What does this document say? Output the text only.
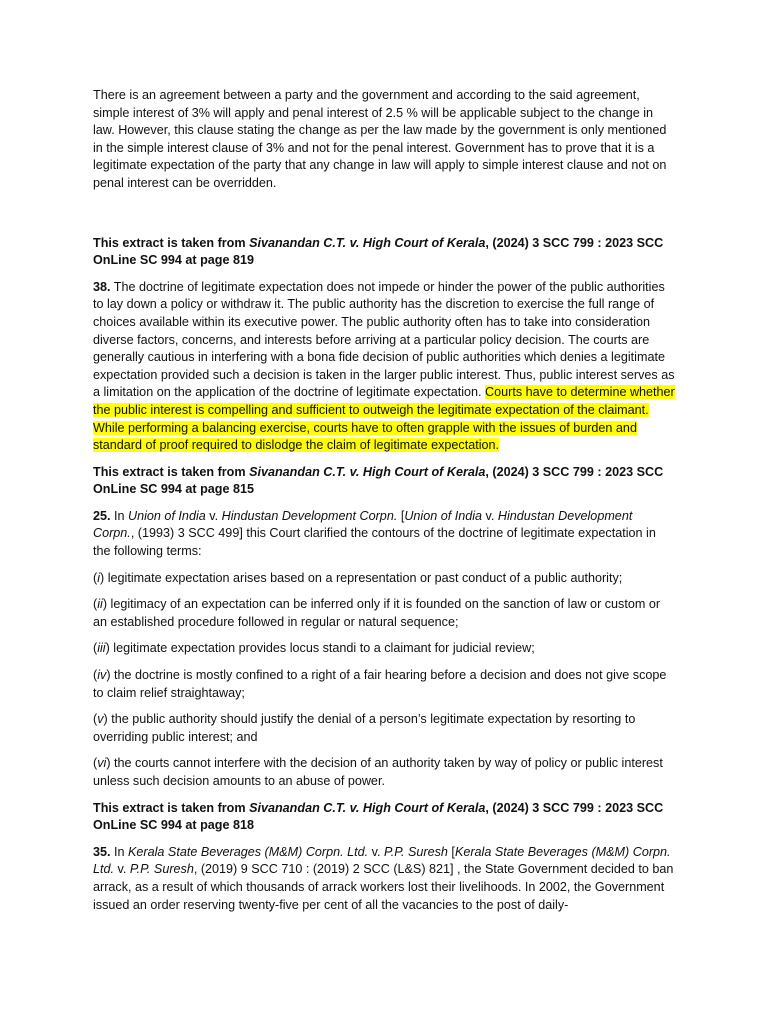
There is an agreement between a party and the government and according to the said agreement, simple interest of 3% will apply and penal interest of 2.5 % will be applicable subject to the change in law. However, this clause stating the change as per the law made by the government is only mentioned in the simple interest clause of 3% and not for the penal interest. Government has to prove that it is a legitimate expectation of the party that any change in law will apply to simple interest clause and not on penal interest can be overridden.

This extract is taken from Sivanandan C.T. v. High Court of Kerala, (2024) 3 SCC 799 : 2023 SCC OnLine SC 994 at page 819

38. The doctrine of legitimate expectation does not impede or hinder the power of the public authorities to lay down a policy or withdraw it. The public authority has the discretion to exercise the full range of choices available within its executive power. The public authority often has to take into consideration diverse factors, concerns, and interests before arriving at a particular policy decision. The courts are generally cautious in interfering with a bona fide decision of public authorities which denies a legitimate expectation provided such a decision is taken in the larger public interest. Thus, public interest serves as a limitation on the application of the doctrine of legitimate expectation. Courts have to determine whether the public interest is compelling and sufficient to outweigh the legitimate expectation of the claimant. While performing a balancing exercise, courts have to often grapple with the issues of burden and standard of proof required to dislodge the claim of legitimate expectation.

This extract is taken from Sivanandan C.T. v. High Court of Kerala, (2024) 3 SCC 799 : 2023 SCC OnLine SC 994 at page 815

25. In Union of India v. Hindustan Development Corpn. [Union of India v. Hindustan Development Corpn., (1993) 3 SCC 499] this Court clarified the contours of the doctrine of legitimate expectation in the following terms:

(i) legitimate expectation arises based on a representation or past conduct of a public authority;

(ii) legitimacy of an expectation can be inferred only if it is founded on the sanction of law or custom or an established procedure followed in regular or natural sequence;

(iii) legitimate expectation provides locus standi to a claimant for judicial review;

(iv) the doctrine is mostly confined to a right of a fair hearing before a decision and does not give scope to claim relief straightaway;

(v) the public authority should justify the denial of a person’s legitimate expectation by resorting to overriding public interest; and

(vi) the courts cannot interfere with the decision of an authority taken by way of policy or public interest unless such decision amounts to an abuse of power.

This extract is taken from Sivanandan C.T. v. High Court of Kerala, (2024) 3 SCC 799 : 2023 SCC OnLine SC 994 at page 818

35. In Kerala State Beverages (M&M) Corpn. Ltd. v. P.P. Suresh [Kerala State Beverages (M&M) Corpn. Ltd. v. P.P. Suresh, (2019) 9 SCC 710 : (2019) 2 SCC (L&S) 821] , the State Government decided to ban arrack, as a result of which thousands of arrack workers lost their livelihoods. In 2002, the Government issued an order reserving twenty-five per cent of all the vacancies to the post of daily-
